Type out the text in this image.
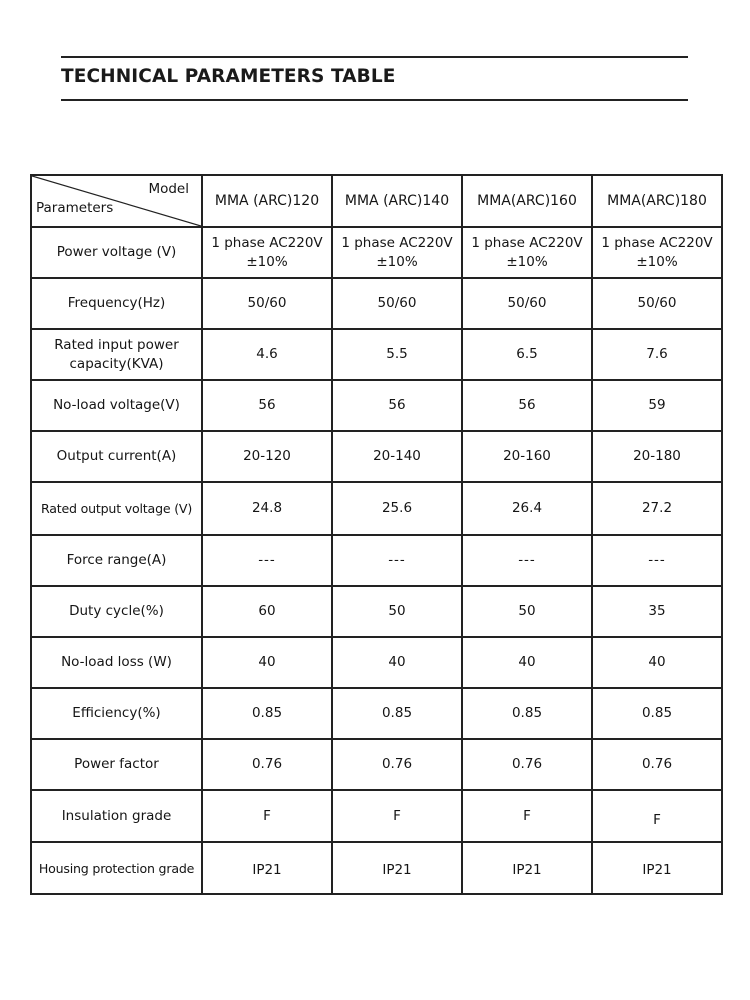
TECHNICAL PARAMETERS TABLE
Model
Parameters	MMA (ARC)120	MMA (ARC)140	MMA(ARC)160	MMA(ARC)180
Power voltage (V)	1 phase AC220V ±10%	1 phase AC220V ±10%	1 phase AC220V ±10%	1 phase AC220V ±10%
Frequency(Hz)	50/60	50/60	50/60	50/60
Rated input power capacity(KVA)	4.6	5.5	6.5	7.6
No-load voltage(V)	56	56	56	59
Output current(A)	20-120	20-140	20-160	20-180
Rated output voltage (V)	24.8	25.6	26.4	27.2
Force range(A)	---	---	---	---
Duty cycle(%)	60	50	50	35
No-load loss (W)	40	40	40	40
Efficiency(%)	0.85	0.85	0.85	0.85
Power factor	0.76	0.76	0.76	0.76
Insulation grade	F	F	F	F
Housing protection grade	IP21	IP21	IP21	IP21
